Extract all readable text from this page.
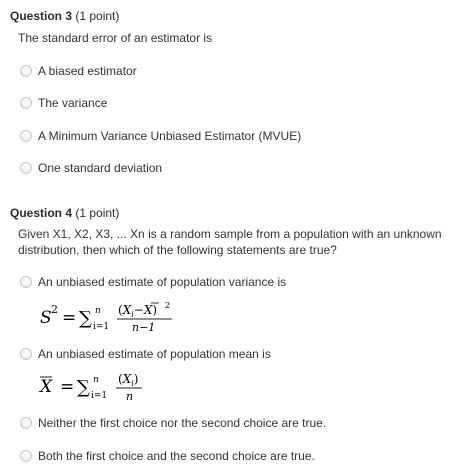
Question 3 (1 point)
The standard error of an estimator is
A biased estimator
The variance
A Minimum Variance Unbiased Estimator (MVUE)
One standard deviation
Question 4 (1 point)
Given X1, X2, X3, ... Xn is a random sample from a population with an unknown distribution, then which of the following statements are true?
An unbiased estimate of population variance is
S 2 = ∑ n
i=1
$(X_i-X)$ 2
n−1
An unbiased estimate of population mean is
X = ∑ n
i=1
$(X_i)$
n
Neither the first choice nor the second choice are true.
Both the first choice and the second choice are true.
